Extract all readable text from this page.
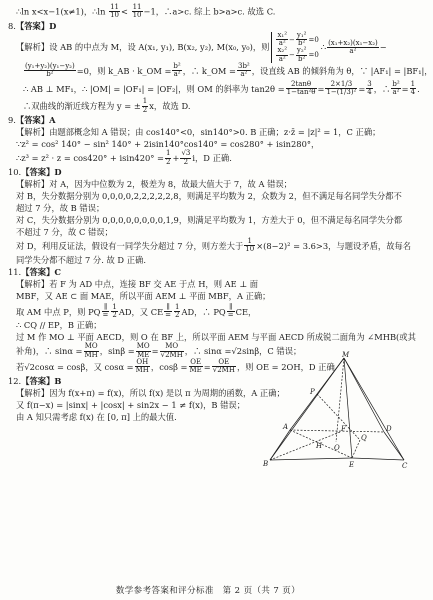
∴ln x<x−1(x≠1)，∴ln $\frac{11}{10} < \frac{11}{10} -1$，∴a>c. 综上 b>a>c. 故选 C.
8.【答案】D
【解析】设 AB 的中点为 M，设 A(x₁, y₁), B(x₂, y₂), M(x₀, y₀)，则 $\frac{\text{x₁²}}{\text{a²}} - \frac{\text{y₁²}}{\text{b²}} =0$
$\frac{\text{x₂²}}{\text{a²}} - \frac{\text{y₂²}}{\text{b²}} =0$
∴ $\frac{\text{(x₁+x₂)(x₁−x₂)}}{\text{a²}}$ −
$\frac{\text{(y₁+y₂)(y₁−y₂)}}{\text{b²}} =0$，则 k_AB · k_OM = $\frac{\text{b²}}{\text{a²}}$ ，∴ k_OM = $\frac{\text{3b²}}{\text{a²}}$ ，设直线 AB 的倾斜角为 θ，∵ |AF₁| = |BF₁|，
∴ AB ⊥ MF₁，∴ |OM| = |OF₁| = |OF₂|，则 OM 的斜率为 $\tan 2\theta = \frac{2\tan\theta}{\text{1−tan²θ}} = \frac{2\times 1/3}{\text{1−(1/3)²}} = \frac{3}{4}$ ，∴ $\frac{\text{b²}}{\text{a²}} = \frac{1}{4}$ .
∴双曲线的渐近线方程为 y = ± $\frac{1}{2}$ x，故选 D.
9.【答案】A
【解析】由题部概念知 A 错误；由 cos140°<0，sin140°>0. B 正确；z·z̄ = |z|² = 1，C 正确；
∵z² = cos² 140° − sin² 140° + 2isin140°cos140° = cos280° + isin280°，
∴z³ = $z^2 \cdot z = \cos 420^\circ + isin420^\circ = \frac{1}{2} + \frac{√3}{2}$ i，D 正确.
10.【答案】D
【解析】对 A，因为中位数为 2，极差为 8，故最大值大于 7，故 A 错误；
对 B，失分数据分别为 0,0,0,0,2,2,2,2,2,8，则满足平均数为 2，众数为 2，但不满足每名同学失分都不
超过 7 分，故 B 错误；
对 C，失分数据分别为 0,0,0,0,0,0,0,0,1,9，则满足平均数为 1，方差大于 0，但不满足每名同学失分都
不超过 7 分，故 C 错误；
对 D，利用反证法，假设有一同学失分超过 7 分，则方差大于 $\frac{1}{10} \times(8-2)^2 = 3.6>3$，与题设矛盾，故每名
同学失分都不超过 7 分. 故 D 正确.
11.【答案】C
【解析】若 F 为 AD 中点，连接 BF 交 AE 于点 H，则 AE ⊥ 面
MBF，又 AE ⊂ 面 MAE，所以平面 AEM ⊥ 平面 MBF，A 正确；
取 AM 中点 P，则 PQ $\frac{\parallel}{=} \frac{1}{2}$ AD，又 CE $\frac{\parallel}{=} \frac{1}{2}$ AD，∴ PQ $\frac{\parallel}{=}$ CE，
∴ CQ // EP，B 正确；
过 M 作 MO ⊥ 平面 AECD，则 O 在 BF 上，所以平面 AEM 与平面 AECD 所成锐二面角为 ∠MHB(或其
补角)，∴ $\sin\alpha = \frac{MO}{MH}$ ，$\sin\beta = \frac{MO}{ME} = \frac{MO}{√2MH}$ ，∴ sinα = √2 sinβ，C 错误；
若 √2 cosα = cosβ，又 $\cos\alpha = \frac{OH}{MH}$ ，$\cos\beta = \frac{OE}{ME} = \frac{OE}{√2MH}$ ，则 OE = 2OH，D 正确
12.【答案】B
【解析】因为 f(x+π) = f(x)，所以 f(x) 是以 π 为周期的函数，A 正确；
又 f(π−x) = |sinx| + |cosx| + sin2x − 1 ≠ f(x)，B 错误；
由 A 知只需考虑 f(x) 在 [0, π] 上的最大值.
M
P
A	D
Q
F
H O
B	E	C
数学参考答案和评分标准　第 2 页（共 7 页）
